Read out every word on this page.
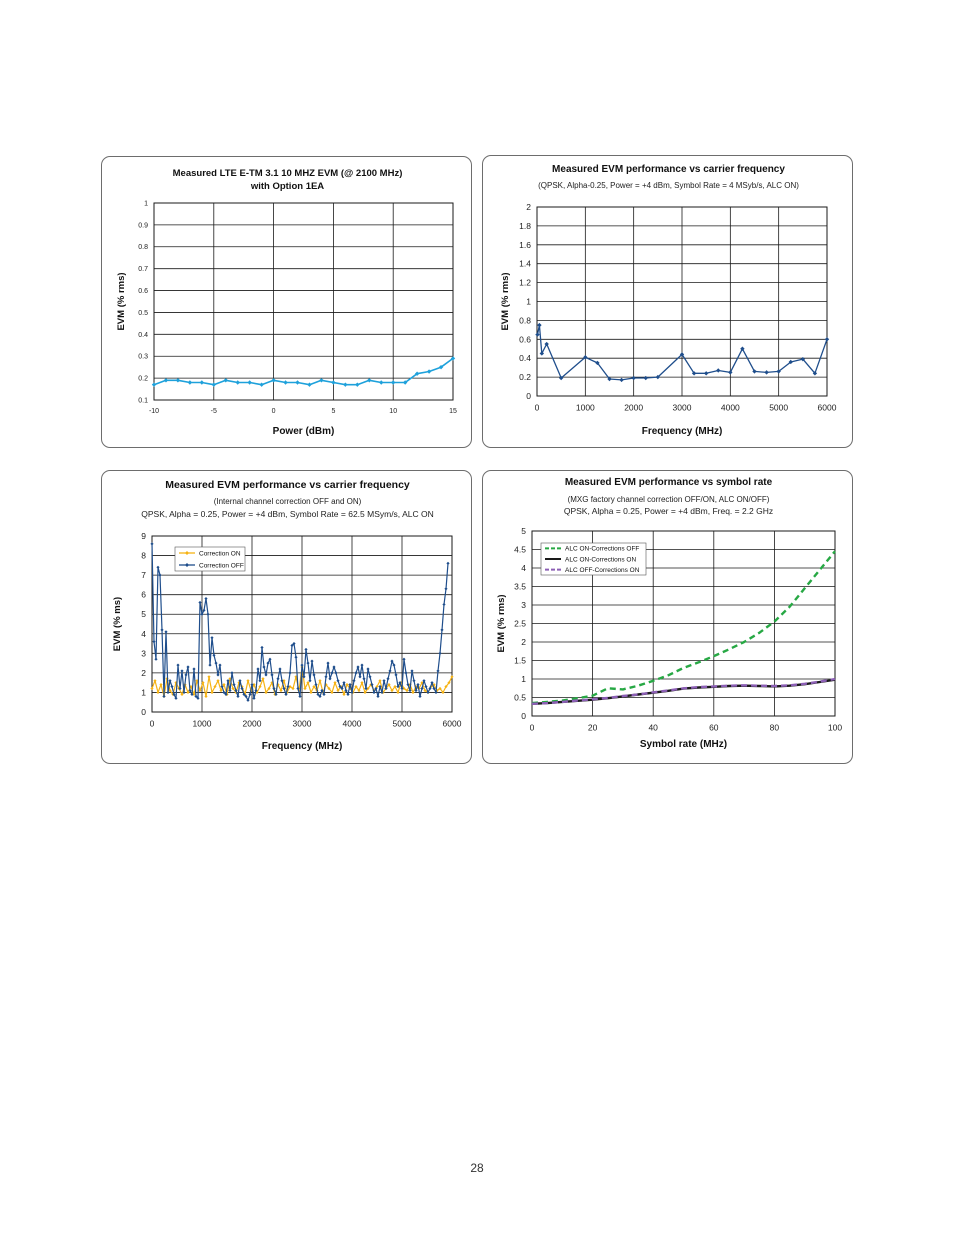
Measured LTE E-TM 3.1 10 MHZ EVM (@ 2100 MHz)
with Option 1EA
-10	-5	0	5	10	15
0.1
0.2
0.3
0.4
0.5
0.6
0.7
0.8
0.9
1
Power (dBm)
EVM (% rms)
Measured EVM performance vs carrier frequency
(QPSK, Alpha-0.25, Power = +4 dBm, Symbol Rate = 4 MSyb/s, ALC ON)
0	1000	2000	3000	4000	5000	6000
0
0.2
0.4
0.6
0.8
1
1.2
1.4
1.6
1.8
2
Frequency (MHz)
EVM (% rms)
Measured EVM performance vs carrier frequency
(Internal channel correction OFF and ON)
QPSK, Alpha = 0.25, Power = +4 dBm, Symbol Rate = 62.5 MSym/s, ALC ON
0	1000	2000	3000	4000	5000	6000
0
1
2
3
4
5
6
7
8
9
Frequency (MHz)
EVM (% ms)
Correction ON
Correction OFF
Measured EVM performance vs symbol rate
(MXG factory channel correction OFF/ON, ALC ON/OFF)
QPSK, Alpha = 0.25, Power = +4 dBm, Freq. = 2.2 GHz
0	20	40	60	80	100
0
0.5
1
1.5
2
2.5
3
3.5
4
4.5
5
Symbol rate (MHz)
EVM (% rms)
ALC ON-Corrections OFF
ALC ON-Corrections ON
ALC OFF-Corrections ON
28
